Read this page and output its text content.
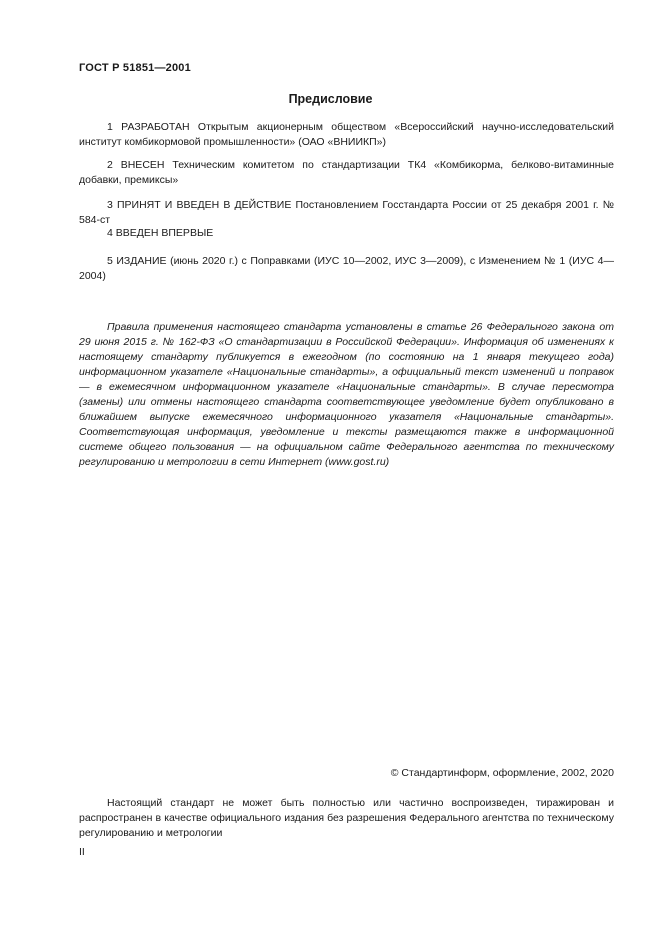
ГОСТ Р 51851—2001
Предисловие
1 РАЗРАБОТАН Открытым акционерным обществом «Всероссийский научно-исследовательский институт комбикормовой промышленности» (ОАО «ВНИИКП»)
2 ВНЕСЕН Техническим комитетом по стандартизации ТК4 «Комбикорма, белково-витаминные добавки, премиксы»
3 ПРИНЯТ И ВВЕДЕН В ДЕЙСТВИЕ Постановлением Госстандарта России от 25 декабря 2001 г. № 584-ст
4 ВВЕДЕН ВПЕРВЫЕ
5 ИЗДАНИЕ (июнь 2020 г.) с Поправками (ИУС 10—2002, ИУС 3—2009), с Изменением № 1 (ИУС 4—2004)
Правила применения настоящего стандарта установлены в статье 26 Федерального закона от 29 июня 2015 г. № 162-ФЗ «О стандартизации в Российской Федерации». Информация об изменениях к настоящему стандарту публикуется в ежегодном (по состоянию на 1 января текущего года) информационном указателе «Национальные стандарты», а официальный текст изменений и поправок — в ежемесячном информационном указателе «Национальные стандарты». В случае пересмотра (замены) или отмены настоящего стандарта соответствующее уведомление будет опубликовано в ближайшем выпуске ежемесячного информационного указателя «Национальные стандарты». Соответствующая информация, уведомление и тексты размещаются также в информационной системе общего пользования — на официальном сайте Федерального агентства по техническому регулированию и метрологии в сети Интернет (www.gost.ru)
© Стандартинформ, оформление, 2002, 2020
Настоящий стандарт не может быть полностью или частично воспроизведен, тиражирован и распространен в качестве официального издания без разрешения Федерального агентства по техническому регулированию и метрологии
II
